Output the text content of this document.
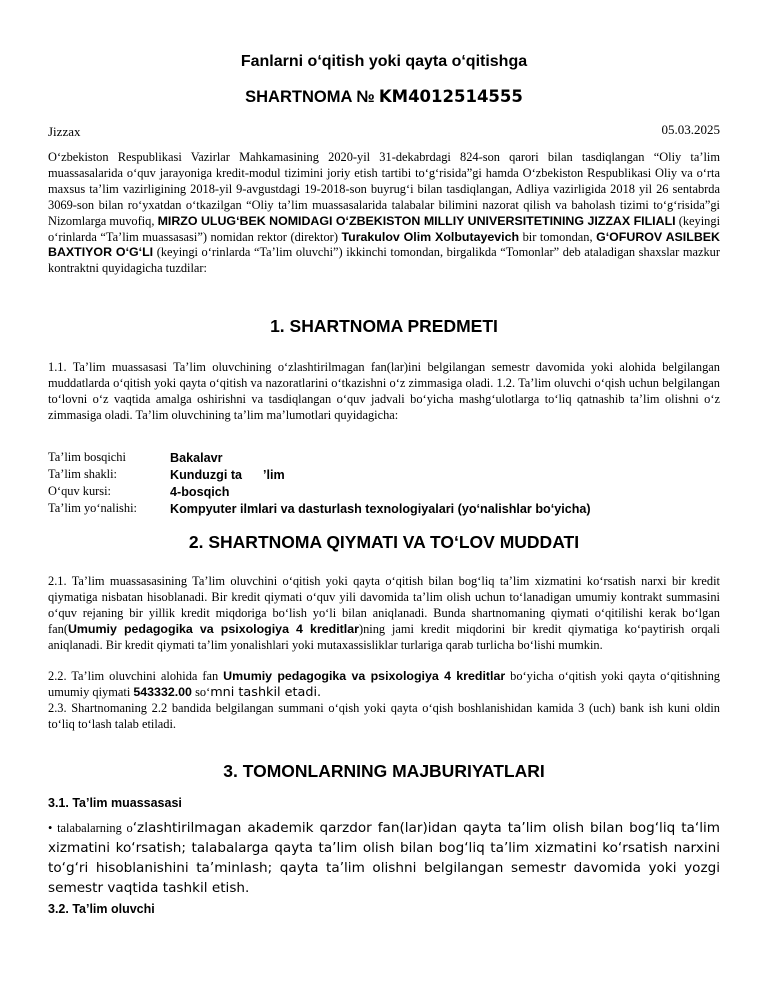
Fanlarni o‘qitish yoki qayta o‘qitishga
SHARTNOMA № KM4012514555
Jizzax	05.03.2025
O‘zbekiston Respublikasi Vazirlar Mahkamasining 2020-yil 31-dekabrdagi 824-son qarori bilan tasdiqlangan “Oliy ta’lim muassasalarida o‘quv jarayoniga kredit-modul tizimini joriy etish tartibi to‘g‘risida”gi hamda O‘zbekiston Respublikasi Oliy va o‘rta maxsus ta’lim vazirligining 2018-yil 9-avgustdagi 19-2018-son buyrug‘i bilan tasdiqlangan, Adliya vazirligida 2018 yil 26 sentabrda 3069-son bilan ro‘yxatdan o‘tkazilgan “Oliy ta’lim muassasalarida talabalar bilimini nazorat qilish va baholash tizimi to‘g‘risida”gi Nizomlarga muvofiq, MIRZO ULUG‘BEK NOMIDAGI O‘ZBEKISTON MILLIY UNIVERSITETINING JIZZAX FILIALI (keyingi o‘rinlarda “Ta’lim muassasasi”) nomidan rektor (direktor) Turakulov Olim Xolbutayevich bir tomondan, G‘OFUROV ASILBEK BAXTIYOR O‘G‘LI (keyingi o‘rinlarda “Ta’lim oluvchi”) ikkinchi tomondan, birgalikda “Tomonlar” deb ataladigan shaxslar mazkur kontraktni quyidagicha tuzdilar:
1. SHARTNOMA PREDMETI
1.1. Ta’lim muassasasi Ta’lim oluvchining o‘zlashtirilmagan fan(lar)ini belgilangan semestr davomida yoki alohida belgilangan muddatlarda o‘qitish yoki qayta o‘qitish va nazoratlarini o‘tkazishni o‘z zimmasiga oladi. 1.2. Ta’lim oluvchi o‘qish uchun belgilangan to‘lovni o‘z vaqtida amalga oshirishni va tasdiqlangan o‘quv jadvali bo‘yicha mashg‘ulotlarga to‘liq qatnashib ta’lim olishni o‘z zimmasiga oladi. Ta’lim oluvchining ta’lim ma’lumotlari quyidagicha:
Ta’lim bosqichi	Bakalavr
Ta’lim shakli:	Kunduzgi ta      ’lim
O‘quv kursi:	4-bosqich
Ta’lim yo‘nalishi:	Kompyuter ilmlari va dasturlash texnologiyalari (yo‘nalishlar bo‘yicha)
2. SHARTNOMA QIYMATI VA TO‘LOV MUDDATI
2.1. Ta’lim muassasasining Ta’lim oluvchini o‘qitish yoki qayta o‘qitish bilan bog‘liq ta’lim xizmatini ko‘rsatish narxi bir kredit qiymatiga nisbatan hisoblanadi. Bir kredit qiymati o‘quv yili davomida ta’lim olish uchun to‘lanadigan umumiy kontrakt summasini o‘quv rejaning bir yillik kredit miqdoriga bo‘lish yo‘li bilan aniqlanadi. Bunda shartnomaning qiymati o‘qitilishi kerak bo‘lgan fan(Umumiy pedagogika va psixologiya 4 kreditlar)ning jami kredit miqdorini bir kredit qiymatiga ko‘paytirish orqali aniqlanadi. Bir kredit qiymati ta’lim yonalishlari yoki mutaxassisliklar turlariga qarab turlicha bo‘lishi mumkin.
2.2. Ta’lim oluvchini alohida fan Umumiy pedagogika va psixologiya 4 kreditlar bo‘yicha o‘qitish yoki qayta o‘qitishning umumiy qiymati 543332.00 so‘mni tashkil etadi.
2.3. Shartnomaning 2.2 bandida belgilangan summani o‘qish yoki qayta o‘qish boshlanishidan kamida 3 (uch) bank ish kuni oldin to‘liq to‘lash talab etiladi.
3. TOMONLARNING MAJBURIYATLARI
3.1. Ta’lim muassasasi
• talabalarning o‘zlashtirilmagan akademik qarzdor fan(lar)idan qayta ta’lim olish bilan bog‘liq ta‘lim xizmatini ko‘rsatish; talabalarga qayta ta’lim olish bilan bog‘liq ta’lim xizmatini ko‘rsatish narxini to‘g‘ri hisoblanishini ta’minlash; qayta ta’lim olishni belgilangan semestr davomida yoki yozgi semestr vaqtida tashkil etish.
3.2. Ta’lim oluvchi
